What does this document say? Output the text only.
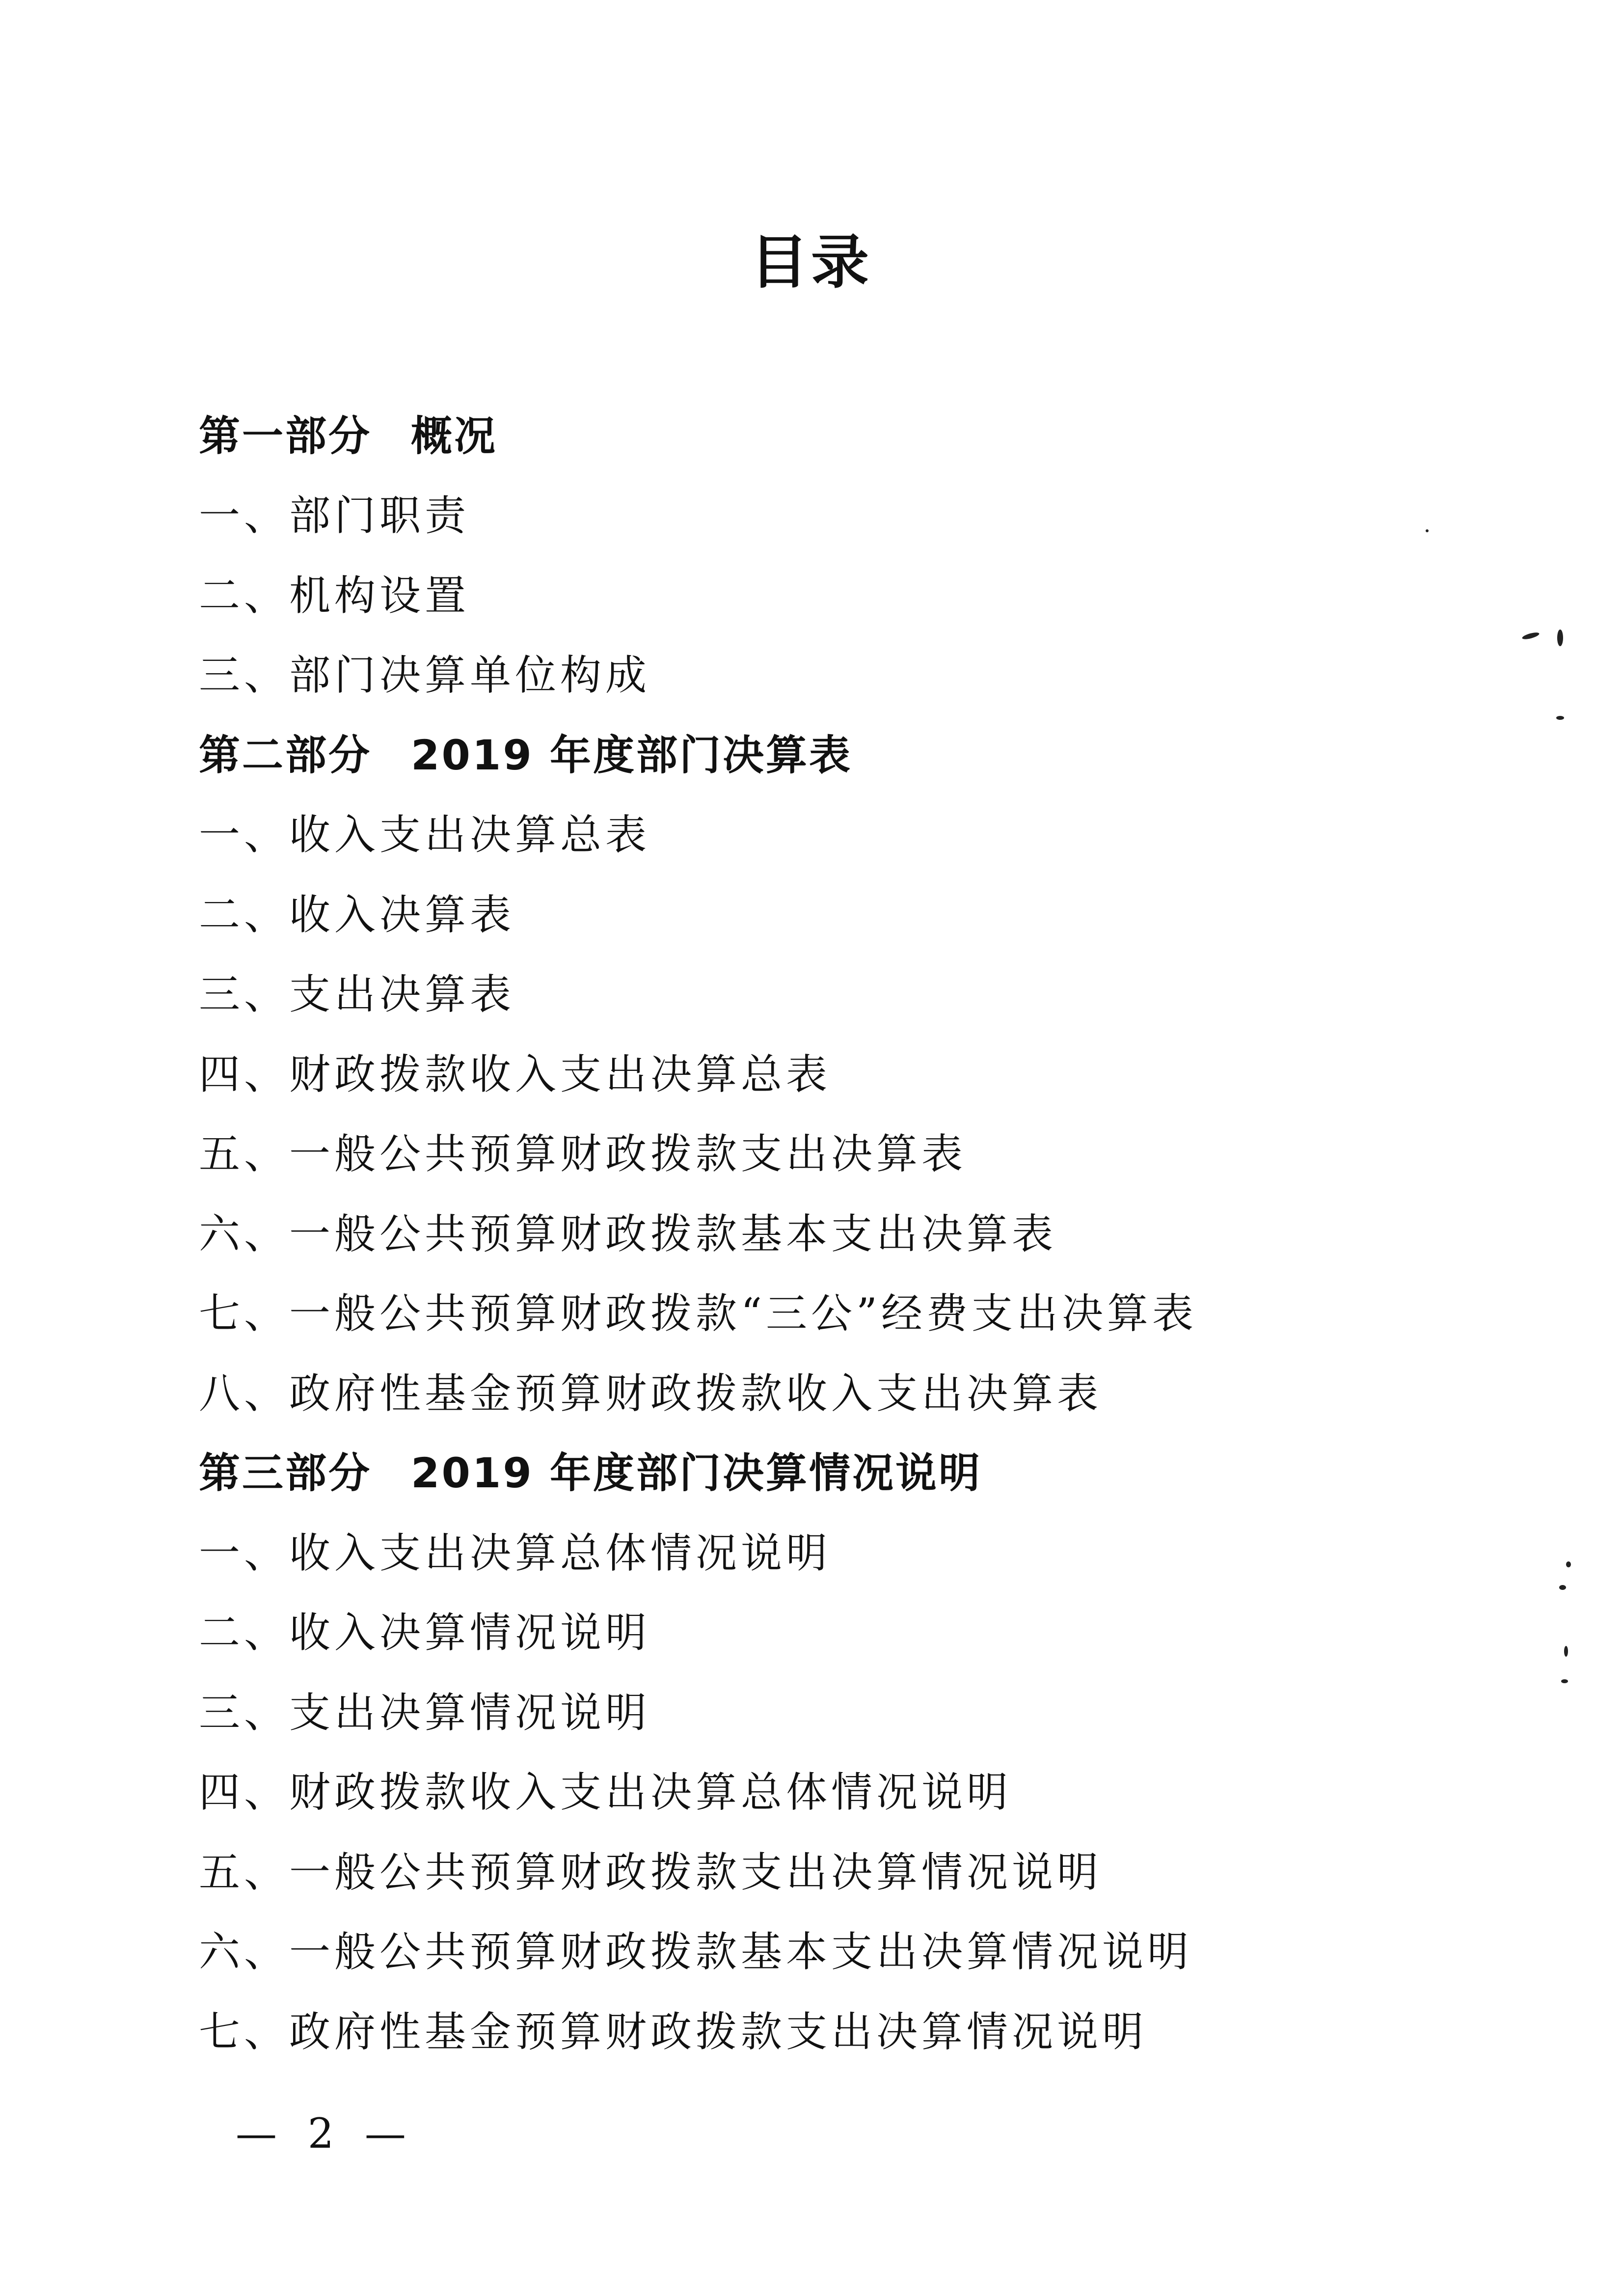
目录
第一部分 概况
一、部门职责
二、机构设置
三、部门决算单位构成
第二部分 2019 年度部门决算表
一、收入支出决算总表
二、收入决算表
三、支出决算表
四、财政拨款收入支出决算总表
五、一般公共预算财政拨款支出决算表
六、一般公共预算财政拨款基本支出决算表
七、一般公共预算财政拨款“三公”经费支出决算表
八、政府性基金预算财政拨款收入支出决算表
第三部分 2019 年度部门决算情况说明
一、收入支出决算总体情况说明
二、收入决算情况说明
三、支出决算情况说明
四、财政拨款收入支出决算总体情况说明
五、一般公共预算财政拨款支出决算情况说明
六、一般公共预算财政拨款基本支出决算情况说明
七、政府性基金预算财政拨款支出决算情况说明
— 2 —
